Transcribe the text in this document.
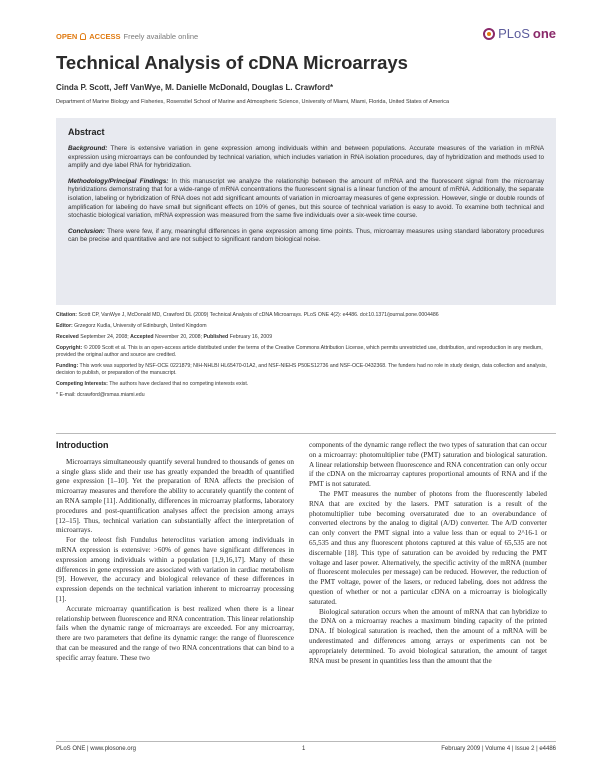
OPEN ACCESS Freely available online	PLoS one
Technical Analysis of cDNA Microarrays
Cinda P. Scott, Jeff VanWye, M. Danielle McDonald, Douglas L. Crawford*
Department of Marine Biology and Fisheries, Rosenstiel School of Marine and Atmospheric Science, University of Miami, Miami, Florida, United States of America
Abstract

Background: There is extensive variation in gene expression among individuals within and between populations. Accurate measures of the variation in mRNA expression using microarrays can be confounded by technical variation, which includes variation in RNA isolation procedures, day of hybridization and methods used to amplify and dye label RNA for hybridization.

Methodology/Principal Findings: In this manuscript we analyze the relationship between the amount of mRNA and the fluorescent signal from the microarray hybridizations demonstrating that for a wide-range of mRNA concentrations the fluorescent signal is a linear function of the amount of mRNA. Additionally, the separate isolation, labeling or hybridization of RNA does not add significant amounts of variation in microarray measures of gene expression. However, single or double rounds of amplification for labeling do have small but significant effects on 10% of genes, but this source of technical variation is easy to avoid. To examine both technical and stochastic biological variation, mRNA expression was measured from the same five individuals over a six-week time course.

Conclusion: There were few, if any, meaningful differences in gene expression among time points. Thus, microarray measures using standard laboratory procedures can be precise and quantitative and are not subject to significant random biological noise.

Citation: Scott CP, VanWye J, McDonald MD, Crawford DL (2009) Technical Analysis of cDNA Microarrays. PLoS ONE 4(2): e4486. doi:10.1371/journal.pone.0004486

Editor: Grzegorz Kudla, University of Edinburgh, United Kingdom

Received September 24, 2008; Accepted November 20, 2008; Published February 16, 2009

Copyright: © 2009 Scott et al. This is an open-access article distributed under the terms of the Creative Commons Attribution License, which permits unrestricted use, distribution, and reproduction in any medium, provided the original author and source are credited.

Funding: This work was supported by NSF-OCE 0221879; NIH-NHLBI HL65470-01A2, and NSF-NIEHS P50ES12736 and NSF-OCE-0432368. The funders had no role in study design, data collection and analysis, decision to publish, or preparation of the manuscript.

Competing Interests: The authors have declared that no competing interests exist.

* E-mail: dcrawford@rsmas.miami.edu

Introduction

Microarrays simultaneously quantify several hundred to thousands of genes on a single glass slide and their use has greatly expanded the breadth of quantified gene expression [1–10]. Yet the preparation of RNA affects the precision of microarray measures and therefore the ability to accurately quantify the content of an RNA sample [11]. Additionally, differences in microarray platforms, laboratory procedures and post-quantification analyses affect the precision among arrays [12–15]. Thus, technical variation can substantially affect the interpretation of microarrays.

For the teleost fish Fundulus heteroclitus variation among individuals in mRNA expression is extensive: >60% of genes have significant differences in expression among individuals within a population [1,9,16,17]. Many of these differences in gene expression are associated with variation in cardiac metabolism [9]. However, the accuracy and biological relevance of these differences in expression depends on the technical variation inherent to microarray processing [1].

Accurate microarray quantification is best realized when there is a linear relationship between fluorescence and RNA concentration. This linear relationship fails when the dynamic range of microarrays are exceeded. For any microarray, there are two parameters that define its dynamic range: the range of fluorescence that can be measured and the range of two RNA concentrations that can bind to a specific array feature. These two

components of the dynamic range reflect the two types of saturation that can occur on a microarray: photomultiplier tube (PMT) saturation and biological saturation. A linear relationship between fluorescence and RNA concentration can only occur if the cDNA on the microarray captures proportional amounts of RNA and if the PMT is not saturated.

The PMT measures the number of photons from the fluorescently labeled RNA that are excited by the lasers. PMT saturation is a result of the photomultiplier tube becoming oversaturated due to an overabundance of converted electrons by the analog to digital (A/D) converter. The A/D converter can only convert the PMT signal into a value less than or equal to 2^16-1 or 65,535 and thus any fluorescent photons captured at this value of 65,535 are not discernable [18]. This type of saturation can be avoided by reducing the PMT voltage and laser power. Alternatively, the specific activity of the mRNA (number of fluorescent molecules per message) can be reduced. However, the reduction of the PMT voltage, power of the lasers, or reduced labeling, does not address the question of whether or not a particular cDNA on a microarray is biologically saturated.

Biological saturation occurs when the amount of mRNA that can hybridize to the DNA on a microarray reaches a maximum binding capacity of the printed DNA. If biological saturation is reached, then the amount of a mRNA will be underestimated and differences among arrays or experiments can not be appropriately determined. To avoid biological saturation, the amount of target RNA must be present in quantities less than the amount that the

PLoS ONE | www.plosone.org	1	February 2009 | Volume 4 | Issue 2 | e4486
